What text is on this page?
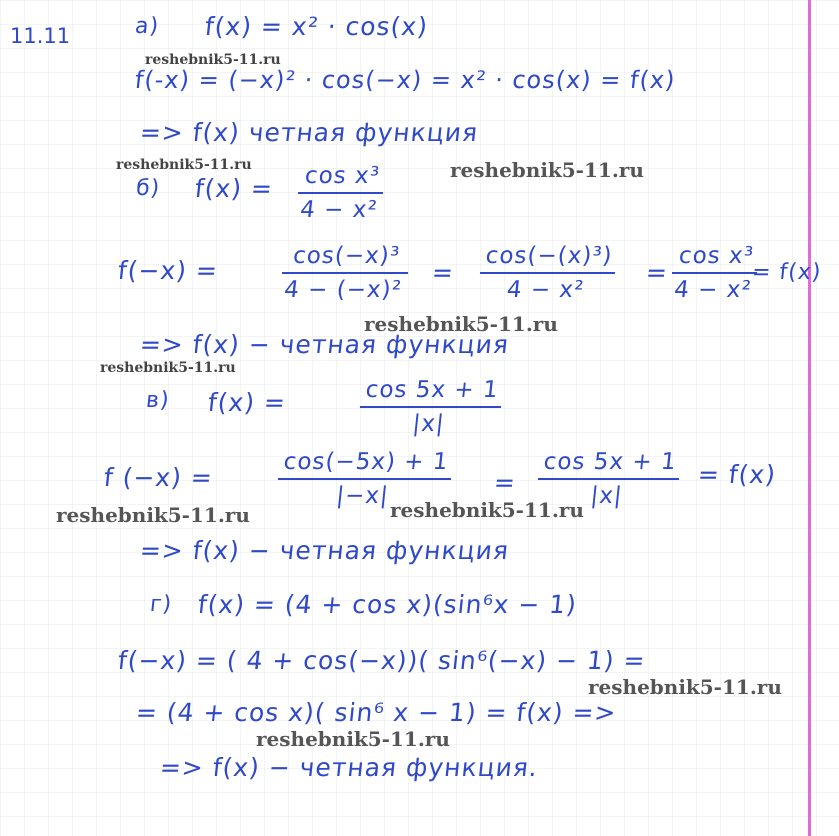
11.11	а) f(x) = x² · cos(x)
f(-x) = (−x)² · cos(−x) = x² · cos(x) = f(x)
=> f(x) четная функция
б) f(x) = cos x³
4 − x²
f(−x) =	cos(−x)³
4 − (−x)²
=
cos(−(x)³)
4 − x²
=
cos x³
4 − x²
= f(x)
=> f(x) − четная функция
в) f(x) =	cos 5x + 1
|x|
f (−x) =
cos(−5x) + 1
|−x|	=
cos 5x + 1
|x|
= f(x)
=> f(x) − четная функция
г) f(x) = (4 + cos x)(sin⁶x − 1)
f(−x) = ( 4 + cos(−x))( sin⁶(−x) − 1) =
= (4 + cos x)( sin⁶ x − 1) = f(x) =>
=> f(x) − четная функция.
reshebnik5-11.ru
reshebnik5-11.ru	reshebnik5-11.ru
reshebnik5-11.ru
reshebnik5-11.ru
reshebnik5-11.ru	reshebnik5-11.ru
reshebnik5-11.ru
reshebnik5-11.ru
